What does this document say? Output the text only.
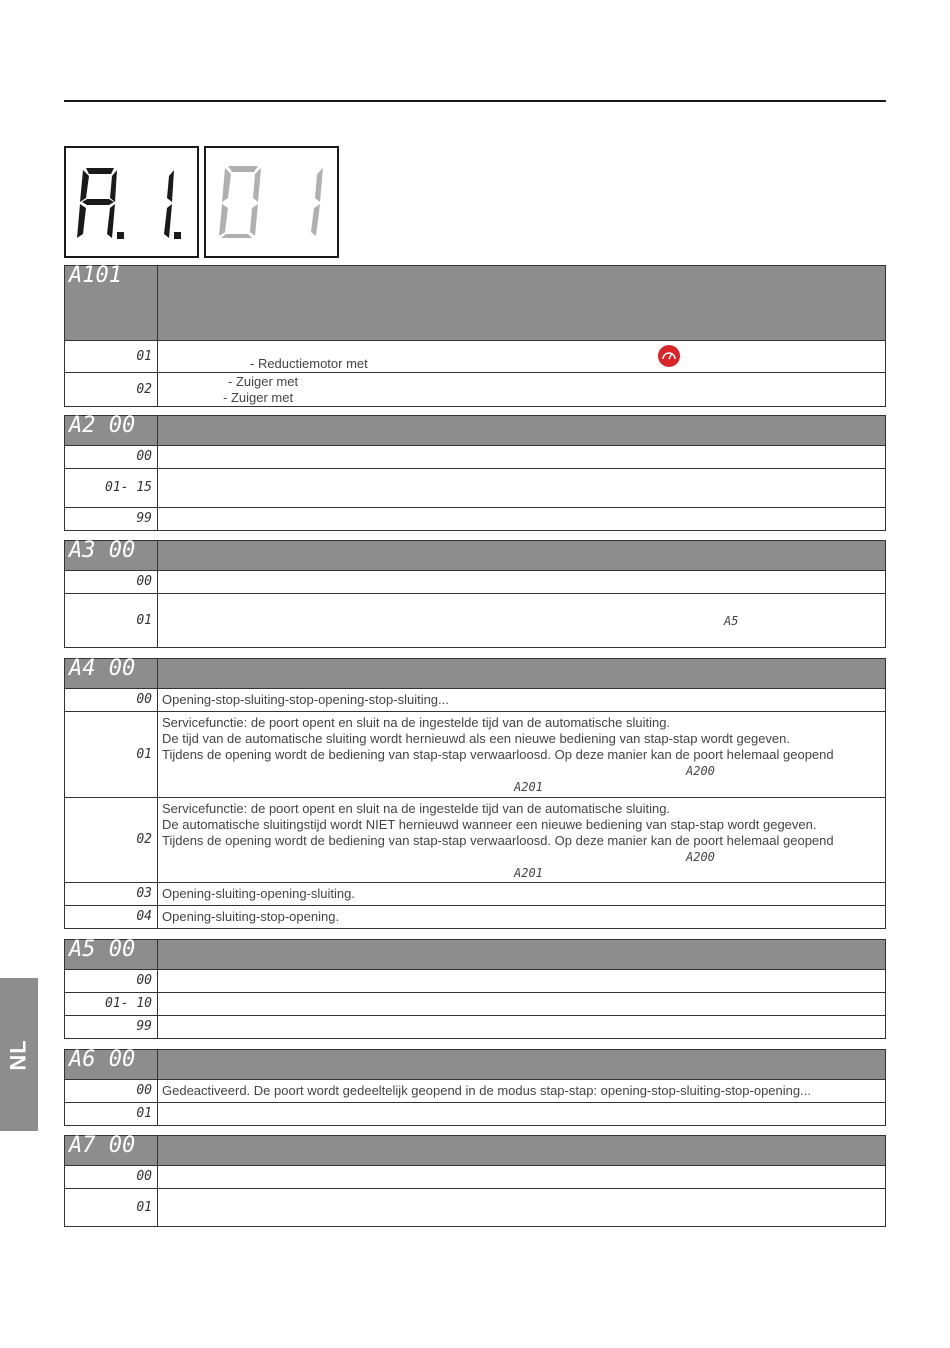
A101	
01	- Reductiemotor met

02	- Zuiger met
- Zuiger met
A2 00	
00	
01- 15	
99	
A3 00	
00	
01	A5
A4 00	
00	Opening-stop-sluiting-stop-opening-stop-sluiting...
01	Servicefunctie: de poort opent en sluit na de ingestelde tijd van de automatische sluiting.
De tijd van de automatische sluiting wordt hernieuwd als een nieuwe bediening van stap-stap wordt gegeven.
Tijdens de opening wordt de bediening van stap-stap verwaarloosd. Op deze manier kan de poort helemaal geopend
A200
A201

02	Servicefunctie: de poort opent en sluit na de ingestelde tijd van de automatische sluiting.
De automatische sluitingstijd wordt NIET hernieuwd wanneer een nieuwe bediening van stap-stap wordt gegeven.
Tijdens de opening wordt de bediening van stap-stap verwaarloosd. Op deze manier kan de poort helemaal geopend
A200
A201

03	Opening-sluiting-opening-sluiting.
04	Opening-sluiting-stop-opening.
A5 00	
00	
01- 10	
99	
A6 00	
00	Gedeactiveerd. De poort wordt gedeeltelijk geopend in de modus stap-stap: opening-stop-sluiting-stop-opening...
01	
A7 00	
00	
01	
NL
